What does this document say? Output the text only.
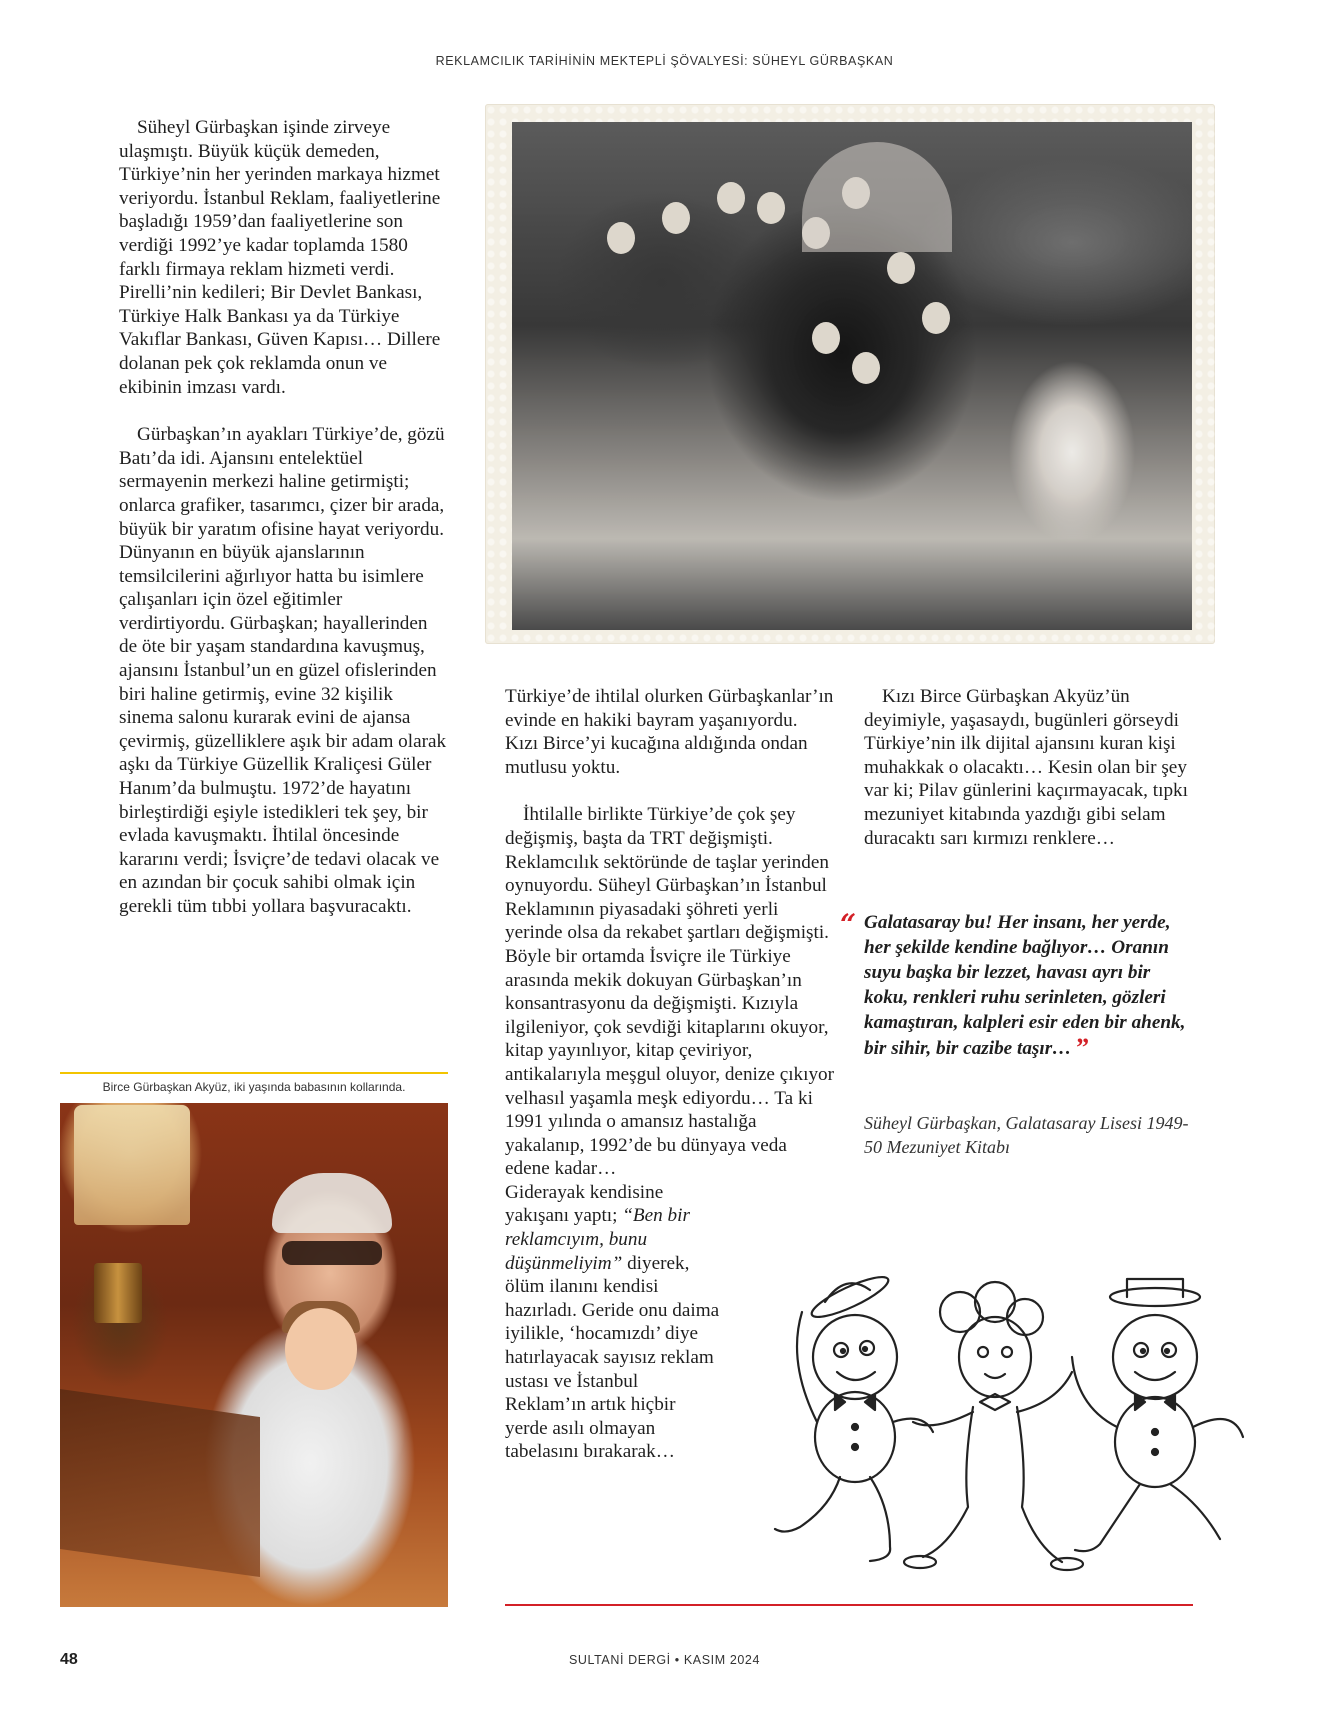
REKLAMCILIK TARİHİNİN MEKTEPLİ ŞÖVALYESİ: SÜHEYL GÜRBAŞKAN

Süheyl Gürbaşkan işinde zirveye ulaşmıştı. Büyük küçük demeden, Türkiye’nin her yerinden markaya hizmet veriyordu. İstanbul Reklam, faaliyetlerine başladığı 1959’dan faaliyetlerine son verdiği 1992’ye kadar toplamda 1580 farklı firmaya reklam hizmeti verdi. Pirelli’nin kedileri; Bir Devlet Bankası, Türkiye Halk Bankası ya da Türkiye Vakıflar Bankası, Güven Kapısı… Dillere dolanan pek çok reklamda onun ve ekibinin imzası vardı.

Gürbaşkan’ın ayakları Türkiye’de, gözü Batı’da idi. Ajansını entelektüel sermayenin merkezi haline getirmişti; onlarca grafiker, tasarımcı, çizer bir arada, büyük bir yaratım ofisine hayat veriyordu. Dünyanın en büyük ajanslarının temsilcilerini ağırlıyor hatta bu isimlere çalışanları için özel eğitimler verdirtiyordu. Gürbaşkan; hayallerinden de öte bir yaşam standardına kavuşmuş, ajansını İstanbul’un en güzel ofislerinden biri haline getirmiş, evine 32 kişilik sinema salonu kurarak evini de ajansa çevirmiş, güzelliklere aşık bir adam olarak aşkı da Türkiye Güzellik Kraliçesi Güler Hanım’da bulmuştu. 1972’de hayatını birleştirdiği eşiyle istedikleri tek şey, bir evlada kavuşmaktı. İhtilal öncesinde kararını verdi; İsviçre’de tedavi olacak ve en azından bir çocuk sahibi olmak için gerekli tüm tıbbi yollara başvuracaktı.

Birce Gürbaşkan Akyüz, iki yaşında babasının kollarında.

Türkiye’de ihtilal olurken Gürbaşkanlar’ın evinde en hakiki bayram yaşanıyordu. Kızı Birce’yi kucağına aldığında ondan mutlusu yoktu.

İhtilalle birlikte Türkiye’de çok şey değişmiş, başta da TRT değişmişti. Reklamcılık sektöründe de taşlar yerinden oynuyordu. Süheyl Gürbaşkan’ın İstanbul Reklamının piyasadaki şöhreti yerli yerinde olsa da rekabet şartları değişmişti. Böyle bir ortamda İsviçre ile Türkiye arasında mekik dokuyan Gürbaşkan’ın konsantrasyonu da değişmişti. Kızıyla ilgileniyor, çok sevdiği kitaplarını okuyor, kitap yayınlıyor, kitap çeviriyor, antikalarıyla meşgul oluyor, denize çıkıyor velhasıl yaşamla meşk ediyordu… Ta ki 1991 yılında o amansız hastalığa yakalanıp, 1992’de bu dünyaya veda edene kadar…

Giderayak kendisine yakışanı yaptı; “Ben bir reklamcıyım, bunu düşünmeliyim” diyerek, ölüm ilanını kendisi hazırladı. Geride onu daima iyilikle, ‘hocamızdı’ diye hatırlayacak sayısız reklam ustası ve İstanbul Reklam’ın artık hiçbir yerde asılı olmayan tabelasını bırakarak…

Kızı Birce Gürbaşkan Akyüz’ün deyimiyle, yaşasaydı, bugünleri görseydi Türkiye’nin ilk dijital ajansını kuran kişi muhakkak o olacaktı… Kesin olan bir şey var ki; Pilav günlerini kaçırmayacak, tıpkı mezuniyet kitabında yazdığı gibi selam duracaktı sarı kırmızı renklere…

“ Galatasaray bu! Her insanı, her yerde, her şekilde kendine bağlıyor… Oranın suyu başka bir lezzet, havası ayrı bir koku, renkleri ruhu serinleten, gözleri kamaştıran, kalpleri esir eden bir ahenk, bir sihir, bir cazibe taşır… ”
Süheyl Gürbaşkan, Galatasaray Lisesi 1949-50 Mezuniyet Kitabı
48	SULTANİ DERGİ • KASIM 2024
